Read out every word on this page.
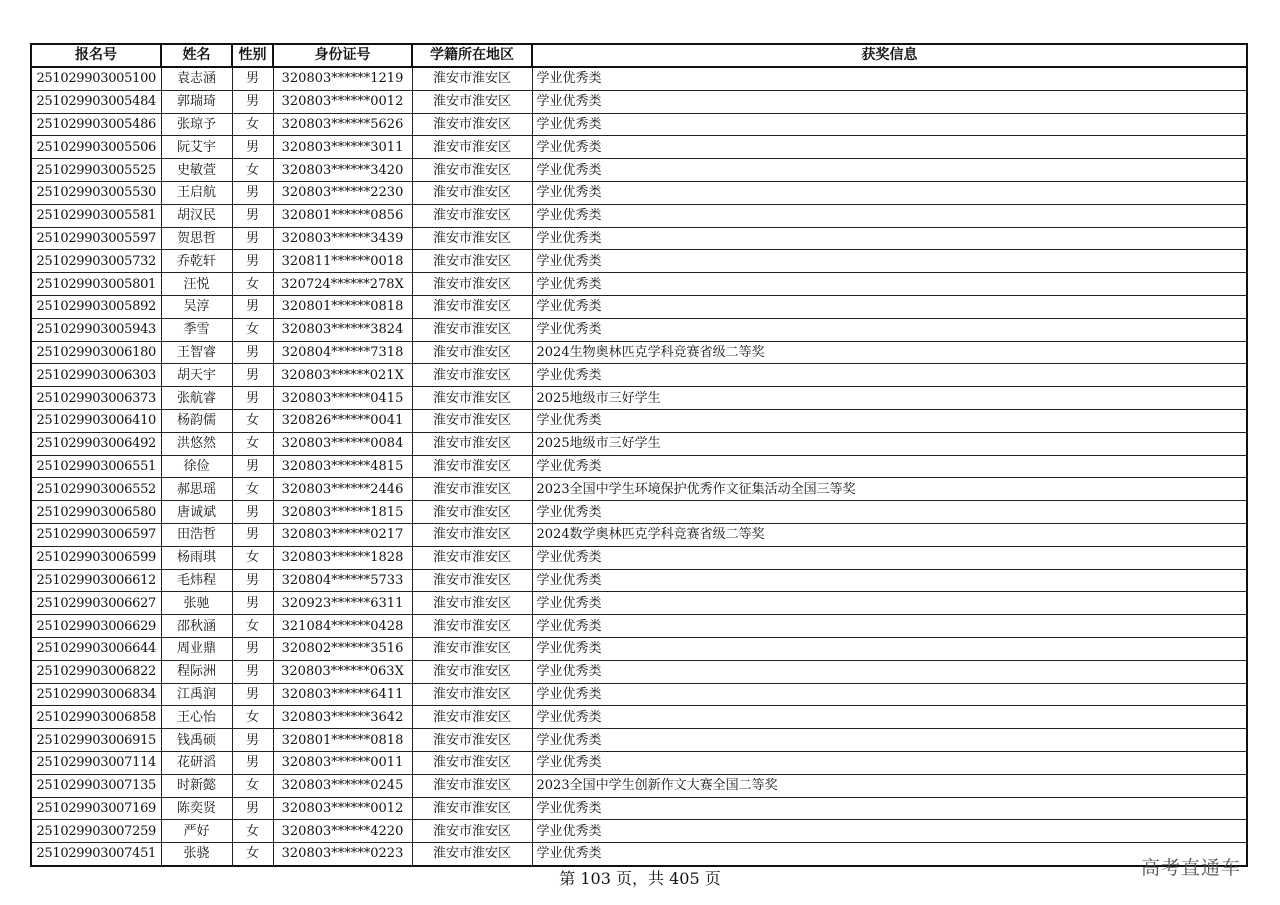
报名号	姓名	性别	身份证号	学籍所在地区	获奖信息
251029903005100	袁志涵	男	320803******1219	淮安市淮安区	学业优秀类
251029903005484	郭瑞琦	男	320803******0012	淮安市淮安区	学业优秀类
251029903005486	张琼予	女	320803******5626	淮安市淮安区	学业优秀类
251029903005506	阮艾宇	男	320803******3011	淮安市淮安区	学业优秀类
251029903005525	史敏萱	女	320803******3420	淮安市淮安区	学业优秀类
251029903005530	王启航	男	320803******2230	淮安市淮安区	学业优秀类
251029903005581	胡汉民	男	320801******0856	淮安市淮安区	学业优秀类
251029903005597	贺思哲	男	320803******3439	淮安市淮安区	学业优秀类
251029903005732	乔乾轩	男	320811******0018	淮安市淮安区	学业优秀类
251029903005801	汪悦	女	320724******278X	淮安市淮安区	学业优秀类
251029903005892	吴淳	男	320801******0818	淮安市淮安区	学业优秀类
251029903005943	季雪	女	320803******3824	淮安市淮安区	学业优秀类
251029903006180	王智睿	男	320804******7318	淮安市淮安区	2024生物奥林匹克学科竞赛省级二等奖
251029903006303	胡天宇	男	320803******021X	淮安市淮安区	学业优秀类
251029903006373	张航睿	男	320803******0415	淮安市淮安区	2025地级市三好学生
251029903006410	杨韵儒	女	320826******0041	淮安市淮安区	学业优秀类
251029903006492	洪悠然	女	320803******0084	淮安市淮安区	2025地级市三好学生
251029903006551	徐俭	男	320803******4815	淮安市淮安区	学业优秀类
251029903006552	郝思瑶	女	320803******2446	淮安市淮安区	2023全国中学生环境保护优秀作文征集活动全国三等奖
251029903006580	唐诚斌	男	320803******1815	淮安市淮安区	学业优秀类
251029903006597	田浩哲	男	320803******0217	淮安市淮安区	2024数学奥林匹克学科竞赛省级二等奖
251029903006599	杨雨琪	女	320803******1828	淮安市淮安区	学业优秀类
251029903006612	毛炜程	男	320804******5733	淮安市淮安区	学业优秀类
251029903006627	张驰	男	320923******6311	淮安市淮安区	学业优秀类
251029903006629	邵秋涵	女	321084******0428	淮安市淮安区	学业优秀类
251029903006644	周业鼎	男	320802******3516	淮安市淮安区	学业优秀类
251029903006822	程际洲	男	320803******063X	淮安市淮安区	学业优秀类
251029903006834	江禹润	男	320803******6411	淮安市淮安区	学业优秀类
251029903006858	王心怡	女	320803******3642	淮安市淮安区	学业优秀类
251029903006915	钱禹硕	男	320801******0818	淮安市淮安区	学业优秀类
251029903007114	花研滔	男	320803******0011	淮安市淮安区	学业优秀类
251029903007135	时新懿	女	320803******0245	淮安市淮安区	2023全国中学生创新作文大赛全国二等奖
251029903007169	陈奕贤	男	320803******0012	淮安市淮安区	学业优秀类
251029903007259	严好	女	320803******4220	淮安市淮安区	学业优秀类
251029903007451	张骁	女	320803******0223	淮安市淮安区	学业优秀类
第 103 页，共 405 页	高考直通车
